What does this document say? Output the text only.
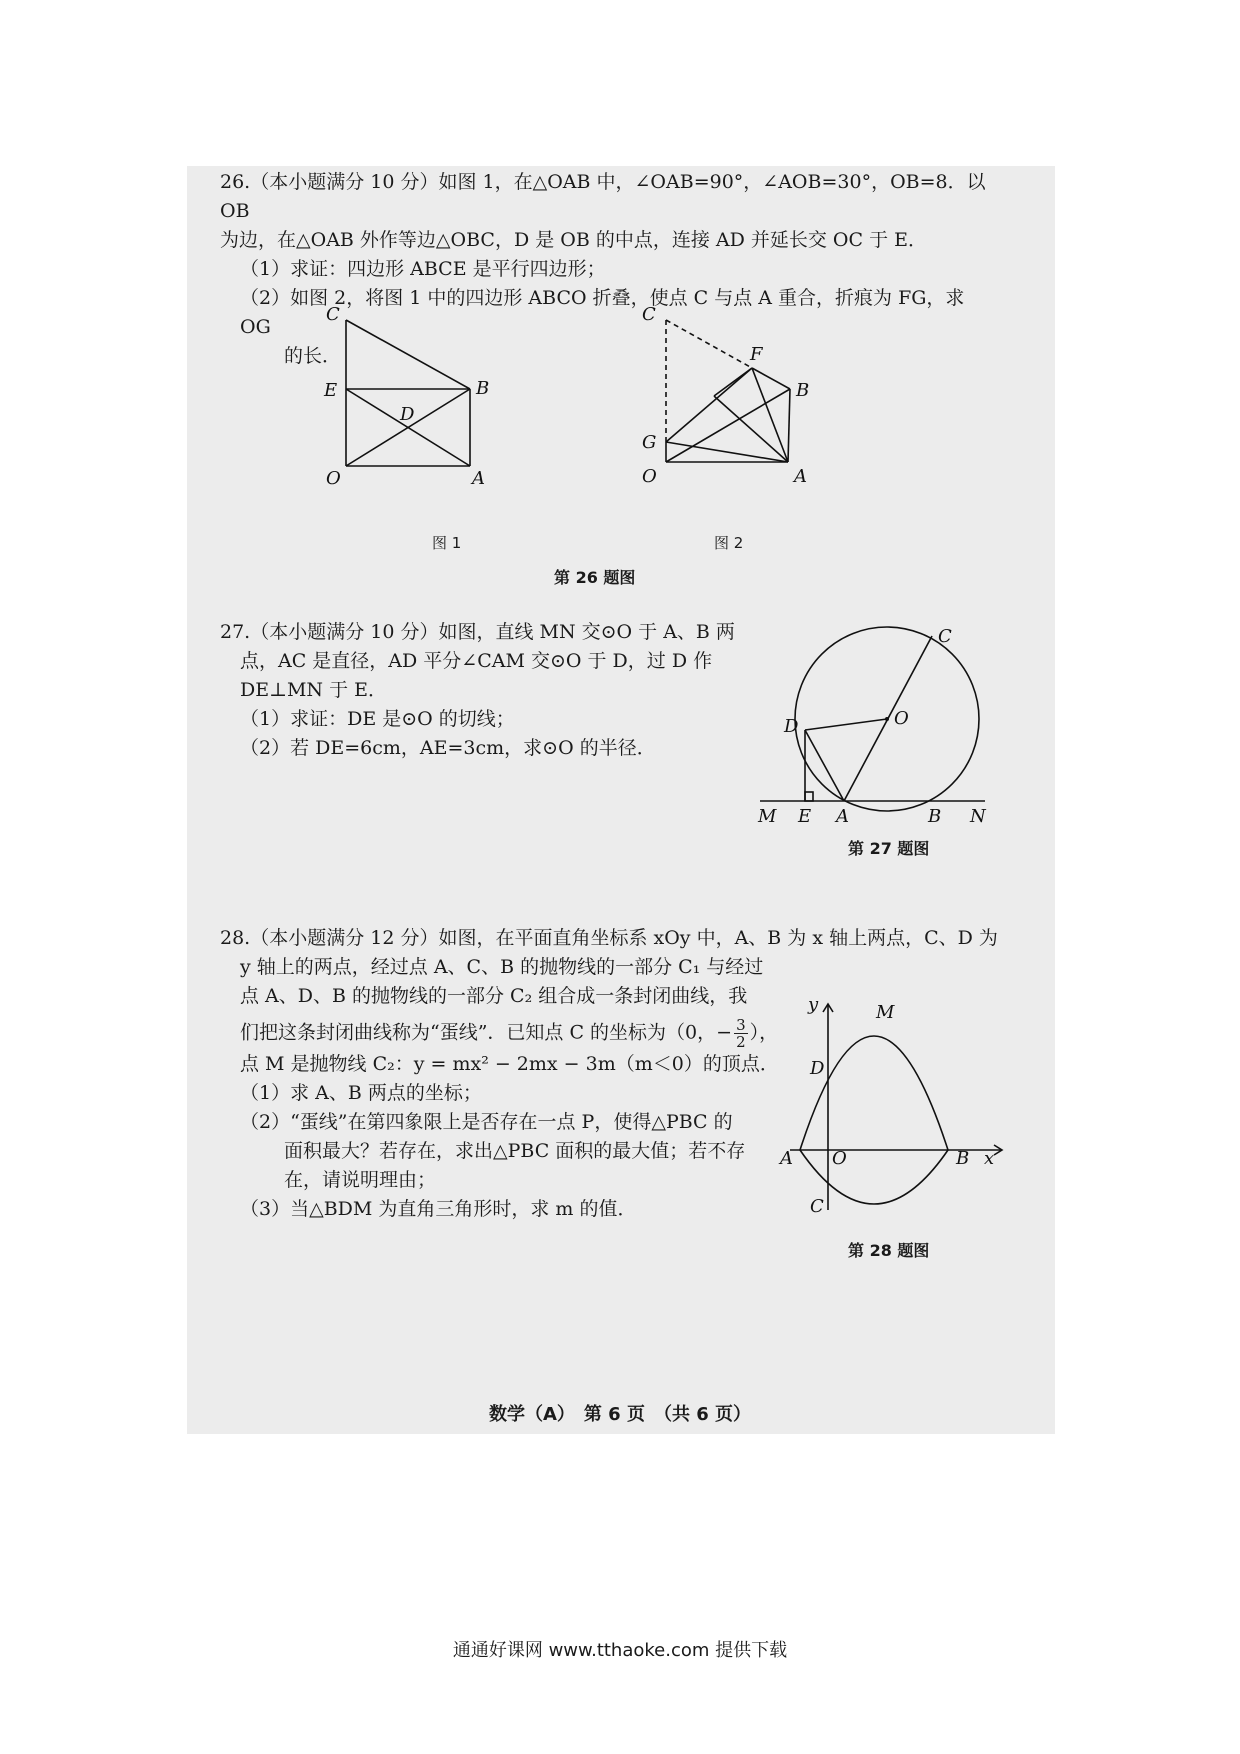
26.（本小题满分 10 分）如图 1，在△OAB 中，∠OAB=90°，∠AOB=30°，OB=8．以 OB

为边，在△OAB 外作等边△OBC，D 是 OB 的中点，连接 AD 并延长交 OC 于 E．

（1）求证：四边形 ABCE 是平行四边形；

（2）如图 2，将图 1 中的四边形 ABCO 折叠，使点 C 与点 A 重合，折痕为 FG，求 OG

的长．

C
E
D
B
O	A
图 1
C
F
B
G
O	A
图 2
第 26 题图

27.（本小题满分 10 分）如图，直线 MN 交⊙O 于 A、B 两

点，AC 是直径，AD 平分∠CAM 交⊙O 于 D，过 D 作

DE⊥MN 于 E．

（1）求证：DE 是⊙O 的切线；

（2）若 DE=6cm，AE=3cm，求⊙O 的半径．

C
D	O
M E A	B N
第 27 题图

28.（本小题满分 12 分）如图，在平面直角坐标系 xOy 中，A、B 为 x 轴上两点，C、D 为

y 轴上的两点，经过点 A、C、B 的抛物线的一部分 C₁ 与经过

点 A、D、B 的抛物线的一部分 C₂ 组合成一条封闭曲线，我

们把这条封闭曲线称为“蛋线”．已知点 C 的坐标为（0，− $\frac{3}{2}$ ），

点 M 是抛物线 C₂：y = mx² − 2mx − 3m（m＜0）的顶点．

（1）求 A、B 两点的坐标；

（2）“蛋线”在第四象限上是否存在一点 P，使得△PBC 的

面积最大？若存在，求出△PBC 面积的最大值；若不存

在，请说明理由；

（3）当△BDM 为直角三角形时，求 m 的值．

y	M
D
A O	B x
C
第 28 题图
数学（A）　第 6 页　（共 6 页）
通通好课网 www.tthaoke.com 提供下载
